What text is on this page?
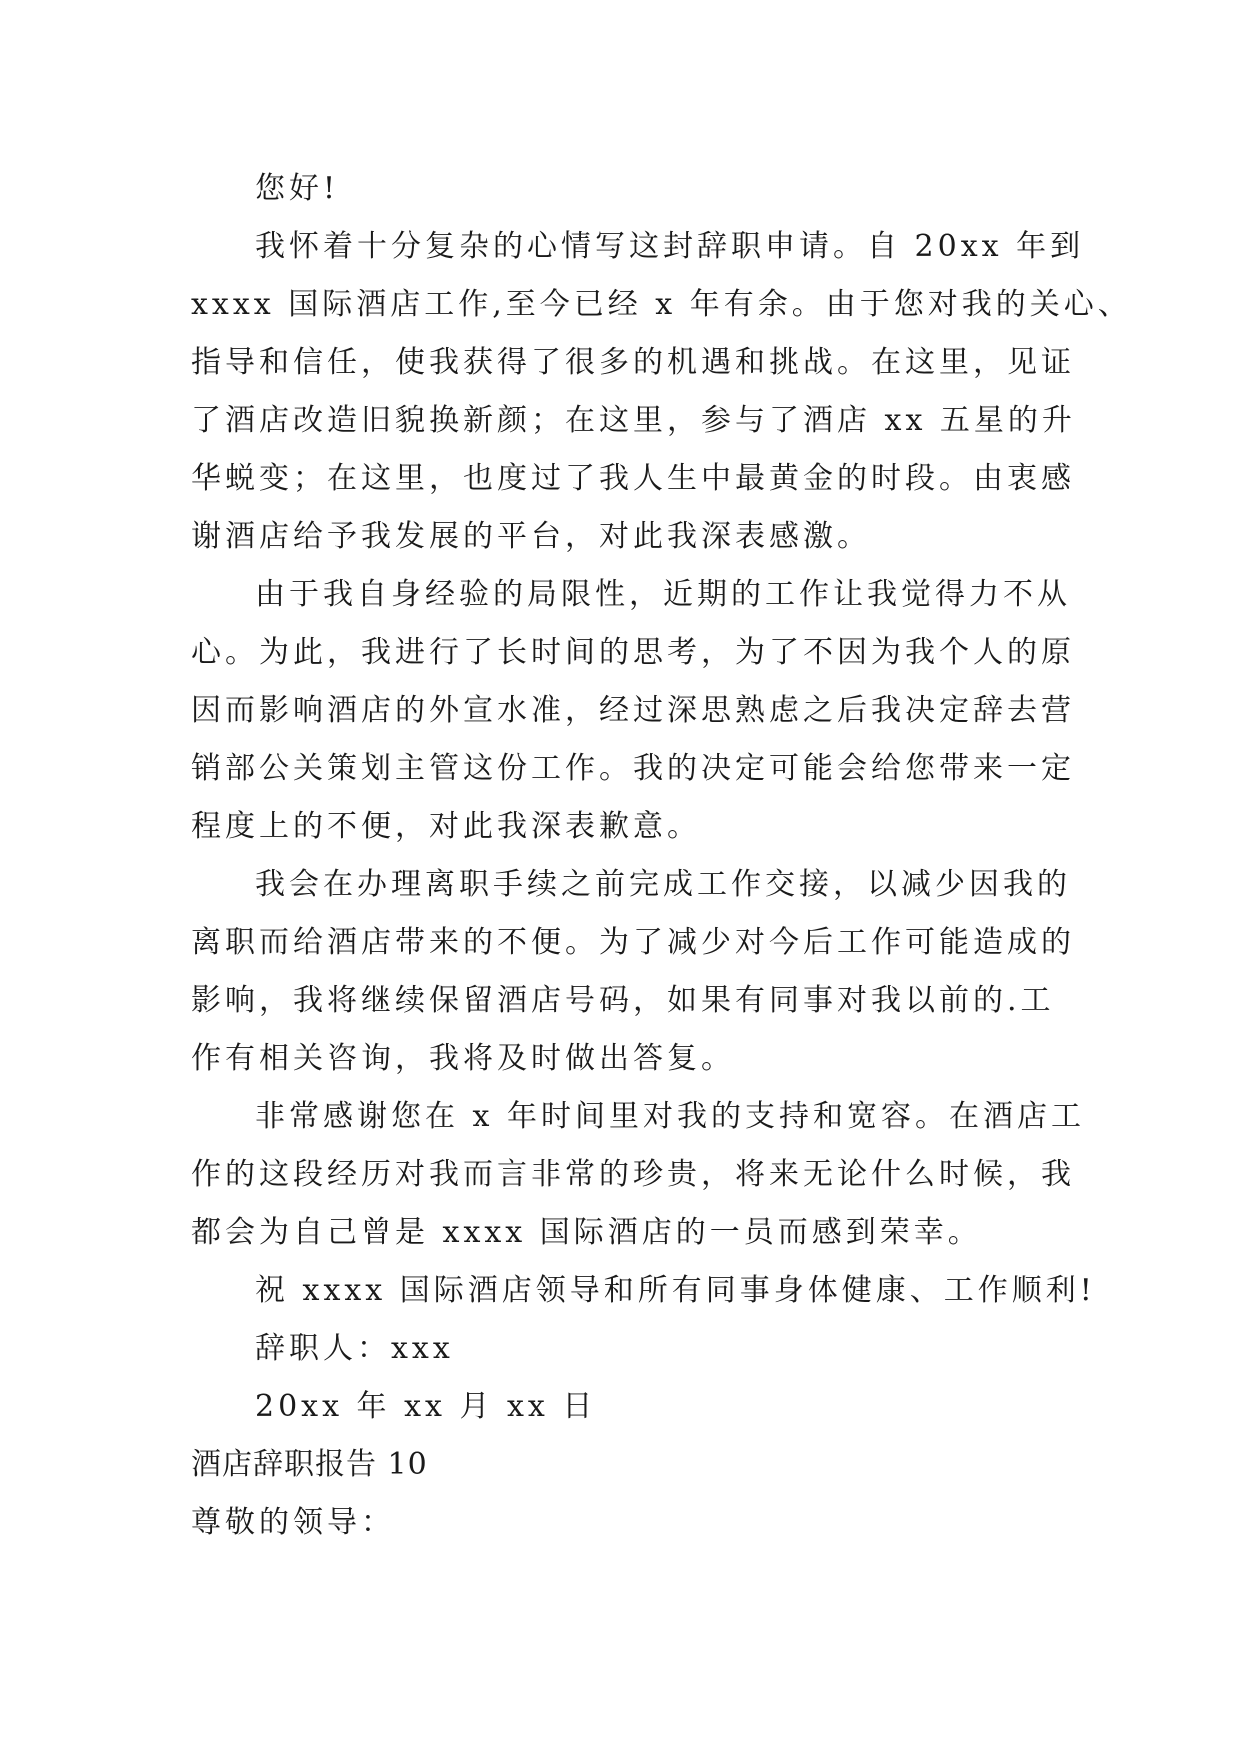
您好!
我怀着十分复杂的心情写这封辞职申请。自 20xx 年到
xxxx 国际酒店工作,至今已经 x 年有余。由于您对我的关心、
指导和信任，使我获得了很多的机遇和挑战。在这里，见证
了酒店改造旧貌换新颜；在这里，参与了酒店 xx 五星的升
华蜕变；在这里，也度过了我人生中最黄金的时段。由衷感
谢酒店给予我发展的平台，对此我深表感激。
由于我自身经验的局限性，近期的工作让我觉得力不从
心。为此，我进行了长时间的思考，为了不因为我个人的原
因而影响酒店的外宣水准，经过深思熟虑之后我决定辞去营
销部公关策划主管这份工作。我的决定可能会给您带来一定
程度上的不便，对此我深表歉意。
我会在办理离职手续之前完成工作交接，以减少因我的
离职而给酒店带来的不便。为了减少对今后工作可能造成的
影响，我将继续保留酒店号码，如果有同事对我以前的.工
作有相关咨询，我将及时做出答复。
非常感谢您在 x 年时间里对我的支持和宽容。在酒店工
作的这段经历对我而言非常的珍贵，将来无论什么时候，我
都会为自己曾是 xxxx 国际酒店的一员而感到荣幸。
祝 xxxx 国际酒店领导和所有同事身体健康、工作顺利!
辞职人：xxx
20xx 年 xx 月 xx 日
酒店辞职报告 10
尊敬的领导：
